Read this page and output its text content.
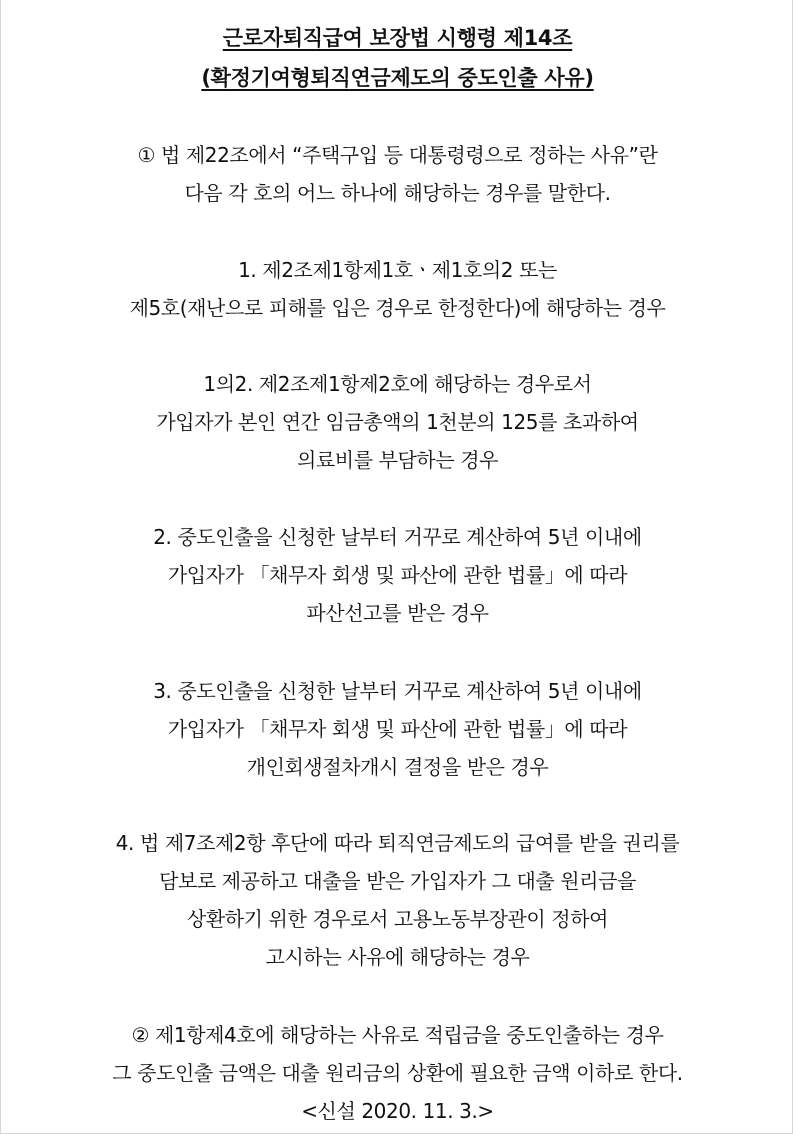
근로자퇴직급여 보장법 시행령 제14조
(확정기여형퇴직연금제도의 중도인출 사유)
① 법 제22조에서 “주택구입 등 대통령령으로 정하는 사유”란
다음 각 호의 어느 하나에 해당하는 경우를 말한다.
1. 제2조제1항제1호ㆍ제1호의2 또는
제5호(재난으로 피해를 입은 경우로 한정한다)에 해당하는 경우
1의2. 제2조제1항제2호에 해당하는 경우로서
가입자가 본인 연간 임금총액의 1천분의 125를 초과하여
의료비를 부담하는 경우
2. 중도인출을 신청한 날부터 거꾸로 계산하여 5년 이내에
가입자가 「채무자 회생 및 파산에 관한 법률」에 따라
파산선고를 받은 경우
3. 중도인출을 신청한 날부터 거꾸로 계산하여 5년 이내에
가입자가 「채무자 회생 및 파산에 관한 법률」에 따라
개인회생절차개시 결정을 받은 경우
4. 법 제7조제2항 후단에 따라 퇴직연금제도의 급여를 받을 권리를
담보로 제공하고 대출을 받은 가입자가 그 대출 원리금을
상환하기 위한 경우로서 고용노동부장관이 정하여
고시하는 사유에 해당하는 경우
② 제1항제4호에 해당하는 사유로 적립금을 중도인출하는 경우
그 중도인출 금액은 대출 원리금의 상환에 필요한 금액 이하로 한다.
<신설 2020. 11. 3.>
